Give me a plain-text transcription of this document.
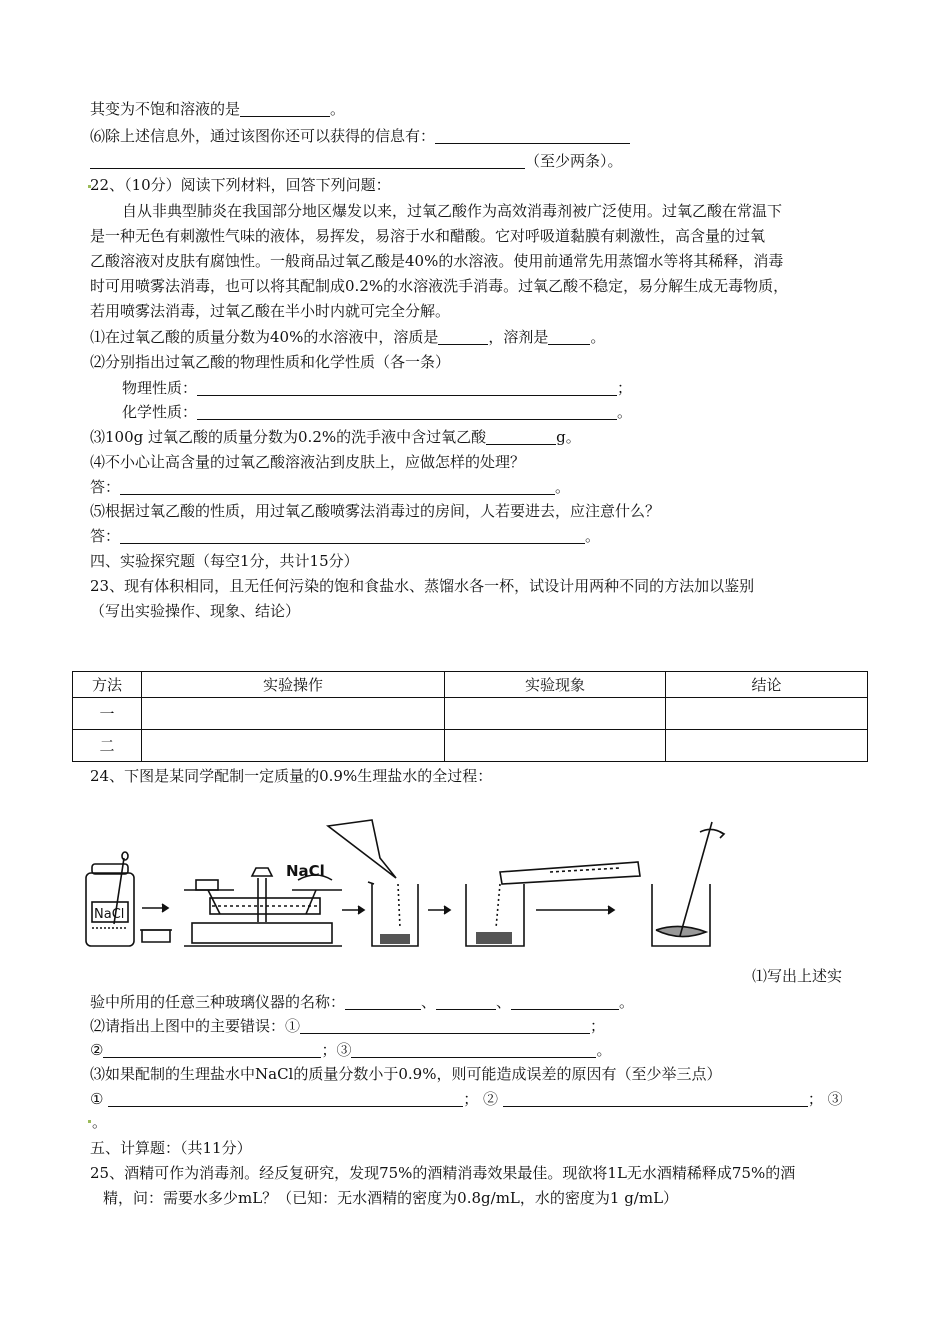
其变为不饱和溶液的是	。
⑹除上述信息外，通过该图你还可以获得的信息有：
（至少两条）。
22、（10分）阅读下列材料，回答下列问题：
自从非典型肺炎在我国部分地区爆发以来，过氧乙酸作为高效消毒剂被广泛使用。过氧乙酸在常温下
是一种无色有刺激性气味的液体，易挥发，易溶于水和醋酸。它对呼吸道黏膜有刺激性，高含量的过氧
乙酸溶液对皮肤有腐蚀性。一般商品过氧乙酸是40%的水溶液。使用前通常先用蒸馏水等将其稀释，消毒
时可用喷雾法消毒，也可以将其配制成0.2%的水溶液洗手消毒。过氧乙酸不稳定，易分解生成无毒物质，
若用喷雾法消毒，过氧乙酸在半小时内就可完全分解。
⑴在过氧乙酸的质量分数为40%的水溶液中，溶质是	，溶剂是	。
⑵分别指出过氧乙酸的物理性质和化学性质（各一条）
物理性质：	；
化学性质：	。
⑶100g 过氧乙酸的质量分数为0.2%的洗手液中含过氧乙酸	g。
⑷不小心让高含量的过氧乙酸溶液沾到皮肤上，应做怎样的处理？
答：	。
⑸根据过氧乙酸的性质，用过氧乙酸喷雾法消毒过的房间，人若要进去，应注意什么？
答：	。
四、实验探究题（每空1分，共计15分）
23、现有体积相同，且无任何污染的饱和食盐水、蒸馏水各一杯，试设计用两种不同的方法加以鉴别
（写出实验操作、现象、结论）
方法	实验操作	实验现象	结论
一			
二			
24、下图是某同学配制一定质量的0.9%生理盐水的全过程：
NaCl
NaCl
⑴写出上述实
验中所用的任意三种玻璃仪器的名称：	、	、	。
⑵请指出上图中的主要错误：①	；
②	；③	。
⑶如果配制的生理盐水中NaCl的质量分数小于0.9%，则可能造成误差的原因有（至少举三点）
①	； ②	； ③
。
五、计算题：（共11分）
25、酒精可作为消毒剂。经反复研究，发现75%的酒精消毒效果最佳。现欲将1L无水酒精稀释成75%的酒
精，问：需要水多少mL？（已知：无水酒精的密度为0.8g/mL，水的密度为1 g/mL）
